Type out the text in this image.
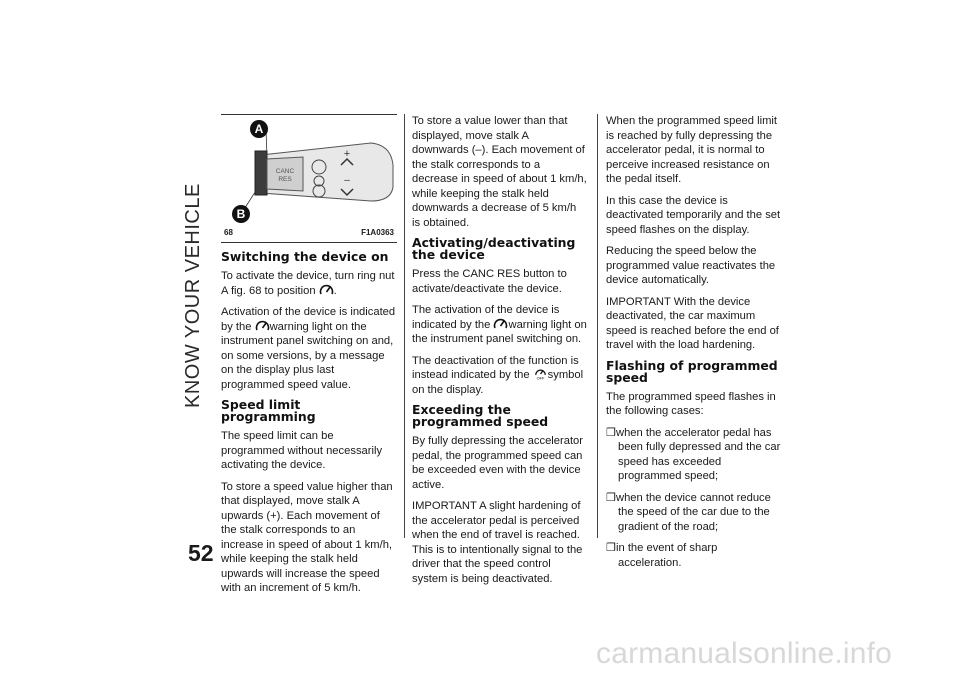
KNOW YOUR VEHICLE
52
A
B
CANC
RES
+
–
68	F1A0363
Switching the device on

To activate the device, turn ring nut A fig. 68 to position .

Activation of the device is indicated by the warning light on the instrument panel switching on and, on some versions, by a message on the display plus last programmed speed value.

Speed limit programming

The speed limit can be programmed without necessarily activating the device.

To store a speed value higher than that displayed, move stalk A upwards (+). Each movement of the stalk corresponds to an increase in speed of about 1 km/h, while keeping the stalk held upwards will increase the speed with an increment of 5 km/h.

To store a value lower than that displayed, move stalk A downwards (–). Each movement of the stalk corresponds to a decrease in speed of about 1 km/h, while keeping the stalk held downwards a decrease of 5 km/h is obtained.

Activating/deactivating the device

Press the CANC RES button to activate/deactivate the device.

The activation of the device is indicated by the warning light on the instrument panel switching on.

The deactivation of the function is instead indicated by the OFF symbol on the display.

Exceeding the programmed speed

By fully depressing the accelerator pedal, the programmed speed can be exceeded even with the device active.

IMPORTANT A slight hardening of the accelerator pedal is perceived when the end of travel is reached. This is to intentionally signal to the driver that the speed control system is being deactivated.

When the programmed speed limit is reached by fully depressing the accelerator pedal, it is normal to perceive increased resistance on the pedal itself.

In this case the device is deactivated temporarily and the set speed flashes on the display.

Reducing the speed below the programmed value reactivates the device automatically.

IMPORTANT With the device deactivated, the car maximum speed is reached before the end of travel with the load hardening.

Flashing of programmed speed

The programmed speed flashes in the following cases:

❒when the accelerator pedal has been fully depressed and the car speed has exceeded programmed speed;

❒when the device cannot reduce the speed of the car due to the gradient of the road;

❒in the event of sharp acceleration.

carmanualsonline.info
